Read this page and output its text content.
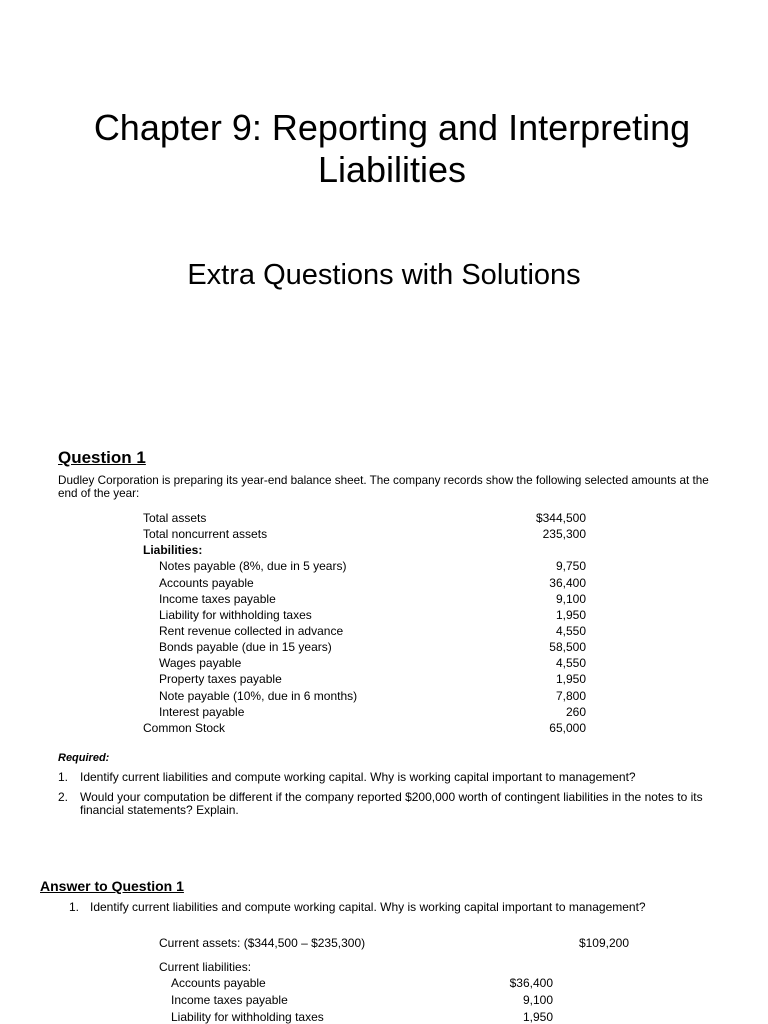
Chapter 9: Reporting and Interpreting Liabilities
Extra Questions with Solutions
Question 1
Dudley Corporation is preparing its year-end balance sheet. The company records show the following selected amounts at the end of the year:
Total assets	$344,500
Total noncurrent assets	235,300
Liabilities:
Notes payable (8%, due in 5 years)	9,750
Accounts payable	36,400
Income taxes payable	9,100
Liability for withholding taxes	1,950
Rent revenue collected in advance	4,550
Bonds payable (due in 15 years)	58,500
Wages payable	4,550
Property taxes payable	1,950
Note payable (10%, due in 6 months)	7,800
Interest payable	260
Common Stock	65,000
Required:
1. Identify current liabilities and compute working capital. Why is working capital important to management?
2. Would your computation be different if the company reported $200,000 worth of contingent liabilities in the notes to its financial statements? Explain.
Answer to Question 1
1. Identify current liabilities and compute working capital. Why is working capital important to management?
Current assets: ($344,500 – $235,300)	$109,200
Current liabilities:
Accounts payable	$36,400
Income taxes payable	9,100
Liability for withholding taxes	1,950
